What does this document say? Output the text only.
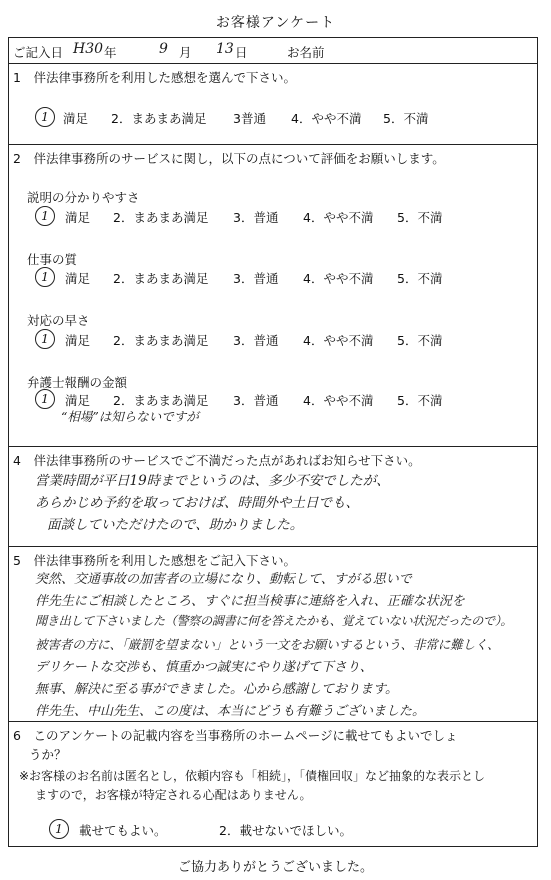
お客様アンケート
ご記入日 H30 年	9 月 13 日	お名前
1　伴法律事務所を利用した感想を選んで下さい。
1	満足 2．まあまあ満足 3普通 4．やや不満 5．不満
2　伴法律事務所のサービスに関し，以下の点について評価をお願いします。
説明の分かりやすさ
1	満足 2．まあまあ満足 3．普通 4．やや不満 5．不満
仕事の質
1	満足 2．まあまあ満足 3．普通 4．やや不満 5．不満
対応の早さ
1	満足 2．まあまあ満足 3．普通 4．やや不満 5．不満
弁護士報酬の金額
1	満足 2．まあまあ満足 3．普通 4．やや不満 5．不満
“相場”は知らないですが
4　伴法律事務所のサービスでご不満だった点があればお知らせ下さい。
営業時間が平日19時までというのは、多少不安でしたが、
あらかじめ予約を取っておけば、時間外や土日でも、
面談していただけたので、助かりました。
5　伴法律事務所を利用した感想をご記入下さい。
突然、交通事故の加害者の立場になり、動転して、すがる思いで
伴先生にご相談したところ、すぐに担当検事に連絡を入れ、正確な状況を
聞き出して下さいました（警察の調書に何を答えたかも、覚えていない状況だったので）。
被害者の方に、「厳罰を望まない」という一文をお願いするという、非常に難しく、
デリケートな交渉も、慎重かつ誠実にやり遂げて下さり、
無事、解決に至る事ができました。心から感謝しております。
伴先生、中山先生、この度は、本当にどうも有難うございました。
6　このアンケートの記載内容を当事務所のホームページに載せてもよいでしょ
うか？
※お客様のお名前は匿名とし，依頼内容も「相続」，「債権回収」など抽象的な表示とし
ますので，お客様が特定される心配はありません。
1	載せてもよい。	2．載せないでほしい。
ご協力ありがとうございました。
